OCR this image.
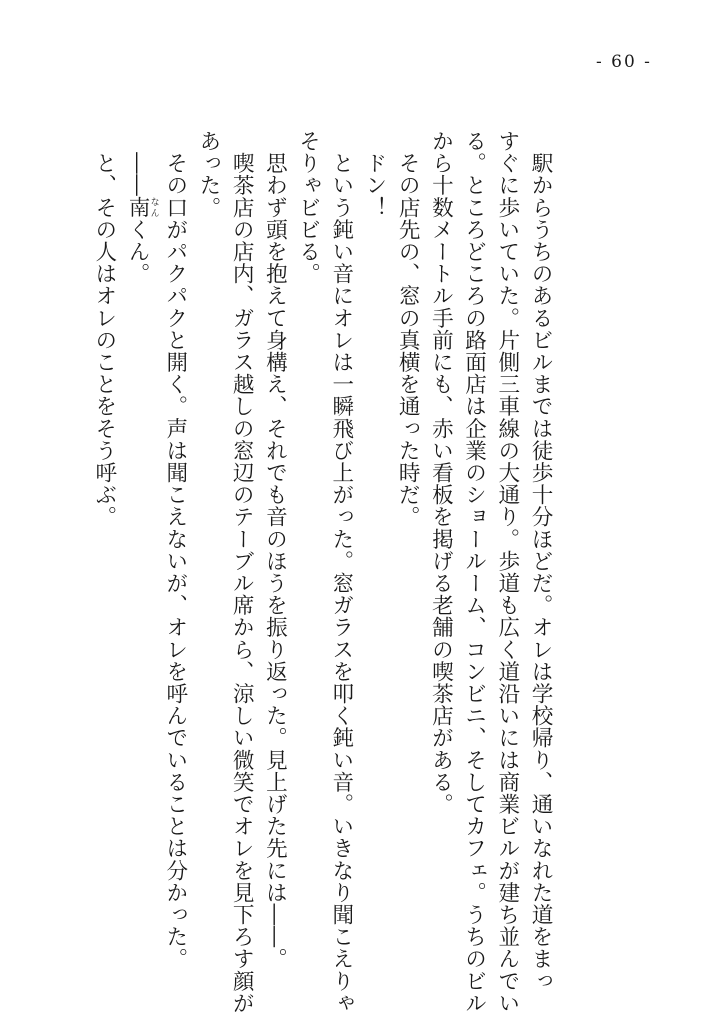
- 60 -

　駅からうちのあるビルまでは徒歩十分ほどだ。オレは学校帰り、通いなれた道をまっ

すぐに歩いていた。片側三車線の大通り。歩道も広く道沿いには商業ビルが建ち並んでい

る。ところどころの路面店は企業のショールーム、コンビニ、そしてカフェ。うちのビル

から十数メートル手前にも、赤い看板を掲げる老舗の喫茶店がある。

　その店先の、窓の真横を通った時だ。

　ドン！

　という鈍い音にオレは一瞬飛び上がった。窓ガラスを叩く鈍い音。いきなり聞こえりゃ

そりゃビビる。

　思わず頭を抱えて身構え、それでも音のほうを振り返った。見上げた先には――。

　喫茶店の店内、ガラス越しの窓辺のテーブル席から、涼しい微笑でオレを見下ろす顔が

あった。

　その口がパクパクと開く。声は聞こえないが、オレを呼んでいることは分かった。

　――南なんくん。

　と、その人はオレのことをそう呼ぶ。
